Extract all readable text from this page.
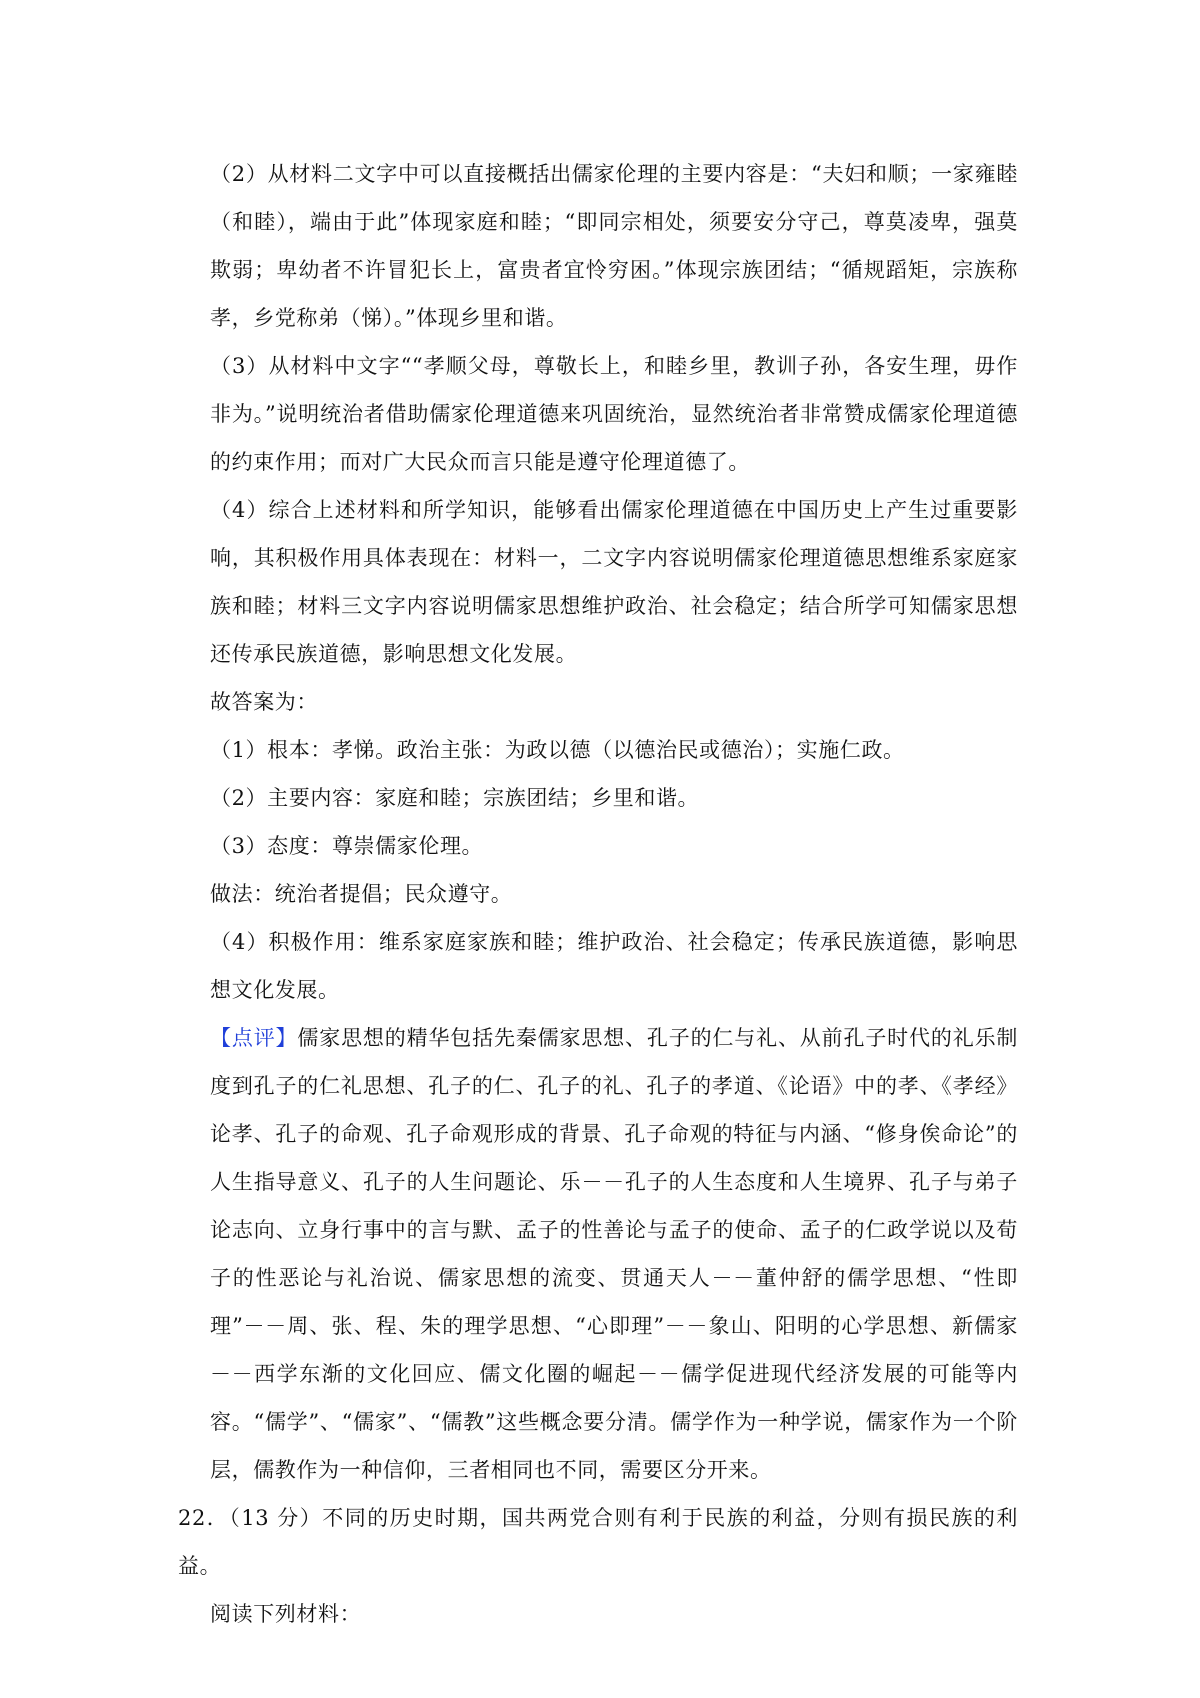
（2）从材料二文字中可以直接概括出儒家伦理的主要内容是：“夫妇和顺；一家雍睦（和睦），端由于此”体现家庭和睦；“即同宗相处，须要安分守己，尊莫凌卑，强莫欺弱；卑幼者不许冒犯长上，富贵者宜怜穷困。”体现宗族团结；“循规蹈矩，宗族称孝，乡党称弟（悌）。”体现乡里和谐。

（3）从材料中文字““孝顺父母，尊敬长上，和睦乡里，教训子孙，各安生理，毋作非为。”说明统治者借助儒家伦理道德来巩固统治，显然统治者非常赞成儒家伦理道德的约束作用；而对广大民众而言只能是遵守伦理道德了。

（4）综合上述材料和所学知识，能够看出儒家伦理道德在中国历史上产生过重要影响，其积极作用具体表现在：材料一，二文字内容说明儒家伦理道德思想维系家庭家族和睦；材料三文字内容说明儒家思想维护政治、社会稳定；结合所学可知儒家思想还传承民族道德，影响思想文化发展。

故答案为：

（1）根本：孝悌。政治主张：为政以德（以德治民或德治）；实施仁政。

（2）主要内容：家庭和睦；宗族团结；乡里和谐。

（3）态度：尊崇儒家伦理。

做法：统治者提倡；民众遵守。

（4）积极作用：维系家庭家族和睦；维护政治、社会稳定；传承民族道德，影响思想文化发展。

【点评】儒家思想的精华包括先秦儒家思想、孔子的仁与礼、从前孔子时代的礼乐制度到孔子的仁礼思想、孔子的仁、孔子的礼、孔子的孝道、《论语》中的孝、《孝经》论孝、孔子的命观、孔子命观形成的背景、孔子命观的特征与内涵、“修身俟命论”的人生指导意义、孔子的人生问题论、乐－－孔子的人生态度和人生境界、孔子与弟子论志向、立身行事中的言与默、孟子的性善论与孟子的使命、孟子的仁政学说以及荀子的性恶论与礼治说、儒家思想的流变、贯通天人－－董仲舒的儒学思想、“性即理”－－周、张、程、朱的理学思想、“心即理”－－象山、阳明的心学思想、新儒家－－西学东渐的文化回应、儒文化圈的崛起－－儒学促进现代经济发展的可能等内容。“儒学”、“儒家”、“儒教”这些概念要分清。儒学作为一种学说，儒家作为一个阶层，儒教作为一种信仰，三者相同也不同，需要区分开来。

22．（13 分）不同的历史时期，国共两党合则有利于民族的利益，分则有损民族的利益。

阅读下列材料：
